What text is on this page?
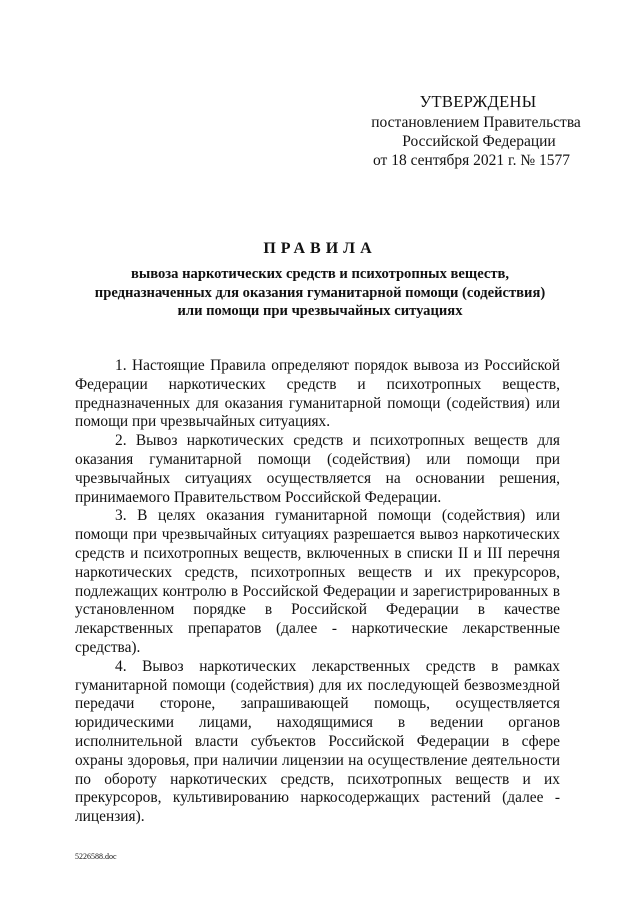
УТВЕРЖДЕНЫ
постановлением Правительства
Российской Федерации
от 18 сентября 2021 г. № 1577
ПРАВИЛА
вывоза наркотических средств и психотропных веществ,
предназначенных для оказания гуманитарной помощи (содействия)
или помощи при чрезвычайных ситуациях

1. Настоящие Правила определяют порядок вывоза из Российской Федерации наркотических средств и психотропных веществ, предназначенных для оказания гуманитарной помощи (содействия) или помощи при чрезвычайных ситуациях.

2. Вывоз наркотических средств и психотропных веществ для оказания гуманитарной помощи (содействия) или помощи при чрезвычайных ситуациях осуществляется на основании решения, принимаемого Правительством Российской Федерации.

3. В целях оказания гуманитарной помощи (содействия) или помощи при чрезвычайных ситуациях разрешается вывоз наркотических средств и психотропных веществ, включенных в списки II и III перечня наркотических средств, психотропных веществ и их прекурсоров, подлежащих контролю в Российской Федерации и зарегистрированных в установленном порядке в Российской Федерации в качестве лекарственных препаратов (далее - наркотические лекарственные средства).

4. Вывоз наркотических лекарственных средств в рамках гуманитарной помощи (содействия) для их последующей безвозмездной передачи стороне, запрашивающей помощь, осуществляется юридическими лицами, находящимися в ведении органов исполнительной власти субъектов Российской Федерации в сфере охраны здоровья, при наличии лицензии на осуществление деятельности по обороту наркотических средств, психотропных веществ и их прекурсоров, культивированию наркосодержащих растений (далее - лицензия).

5226588.doc
